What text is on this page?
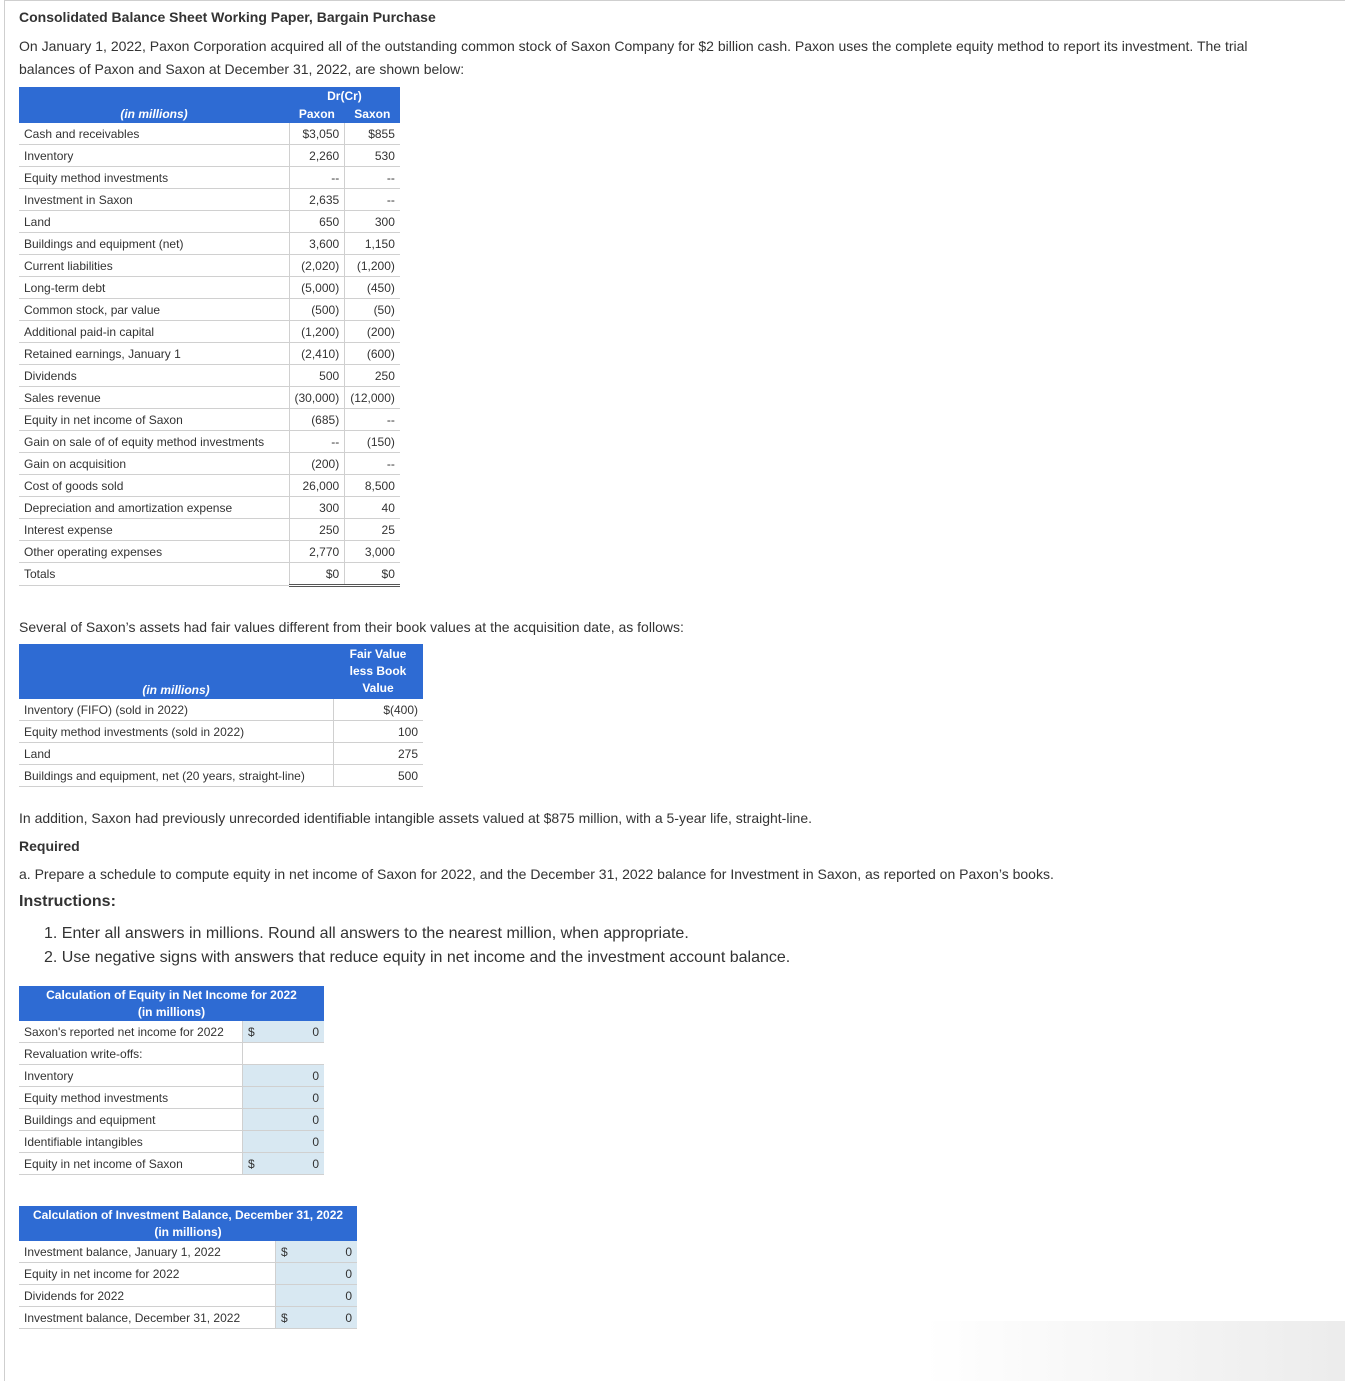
Consolidated Balance Sheet Working Paper, Bargain Purchase
On January 1, 2022, Paxon Corporation acquired all of the outstanding common stock of Saxon Company for $2 billion cash. Paxon uses the complete equity method to report its investment. The trial
balances of Paxon and Saxon at December 31, 2022, are shown below:
	Dr(Cr)	
(in millions)	Paxon	Saxon
Cash and receivables	$3,050	$855
Inventory	2,260	530
Equity method investments	--	--
Investment in Saxon	2,635	--
Land	650	300
Buildings and equipment (net)	3,600	1,150
Current liabilities	(2,020)	(1,200)
Long-term debt	(5,000)	(450)
Common stock, par value	(500)	(50)
Additional paid-in capital	(1,200)	(200)
Retained earnings, January 1	(2,410)	(600)
Dividends	500	250
Sales revenue	(30,000)	(12,000)
Equity in net income of Saxon	(685)	--
Gain on sale of of equity method investments	--	(150)
Gain on acquisition	(200)	--
Cost of goods sold	26,000	8,500
Depreciation and amortization expense	300	40
Interest expense	250	25
Other operating expenses	2,770	3,000
Totals	$0	$0
Several of Saxon’s assets had fair values different from their book values at the acquisition date, as follows:
(in millions)	Fair Value
less Book
Value

Inventory (FIFO) (sold in 2022)	$(400)
Equity method investments (sold in 2022)	100
Land	275
Buildings and equipment, net (20 years, straight-line)	500
In addition, Saxon had previously unrecorded identifiable intangible assets valued at $875 million, with a 5-year life, straight-line.
Required
a. Prepare a schedule to compute equity in net income of Saxon for 2022, and the December 31, 2022 balance for Investment in Saxon, as reported on Paxon’s books.
Instructions:
1. Enter all answers in millions. Round all answers to the nearest million, when appropriate.
2. Use negative signs with answers that reduce equity in net income and the investment account balance.
Calculation of Equity in Net Income for 2022
(in millions)		

Saxon's reported net income for 2022	$	0
Revaluation write-offs:		
Inventory		0
Equity method investments		0
Buildings and equipment		0
Identifiable intangibles		0
Equity in net income of Saxon	$	0
Calculation of Investment Balance, December 31, 2022
(in millions)		

Investment balance, January 1, 2022	$	0
Equity in net income for 2022		0
Dividends for 2022		0
Investment balance, December 31, 2022	$	0
